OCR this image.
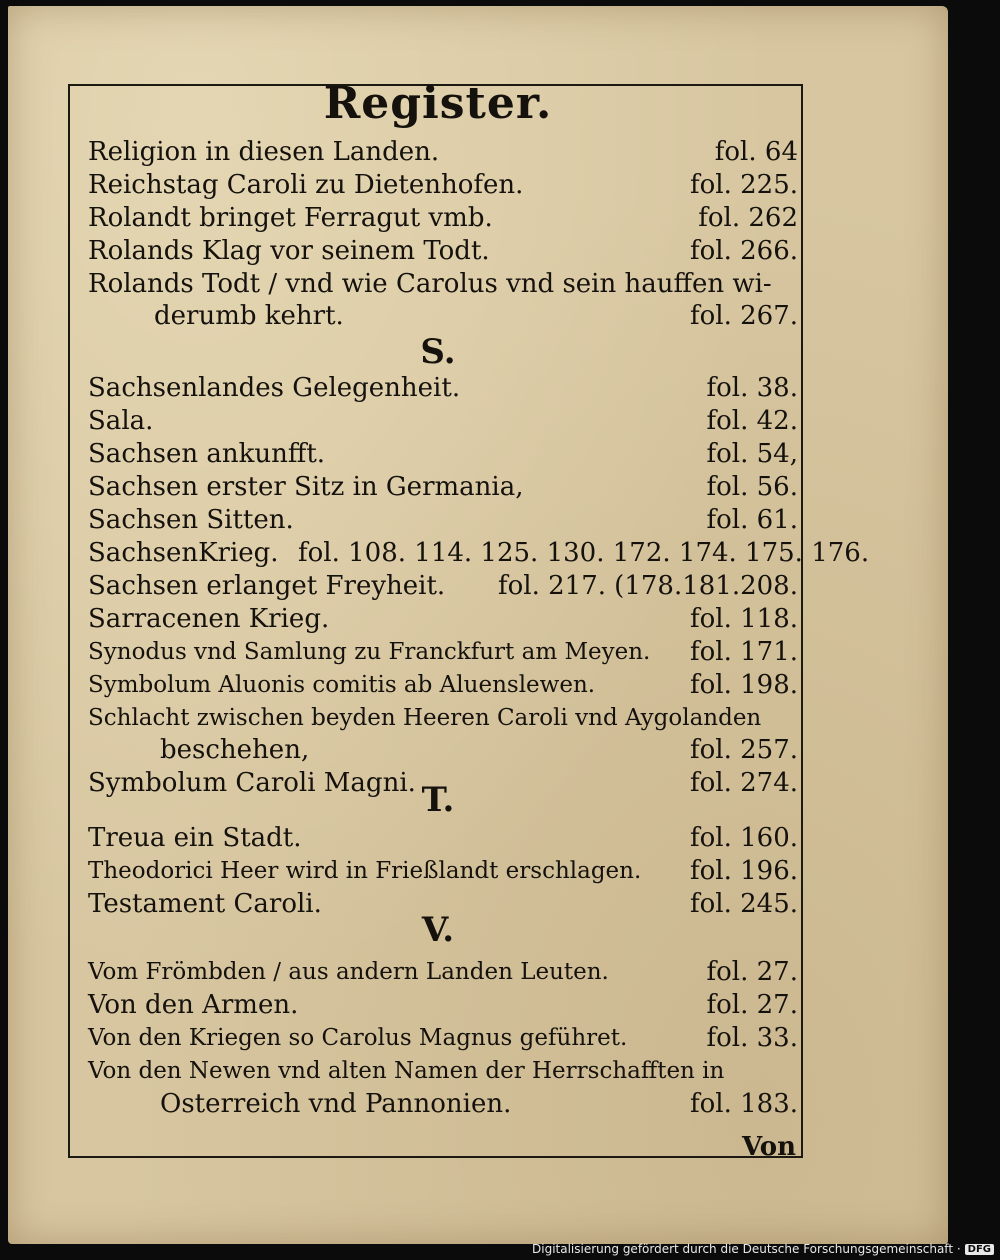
Register.
Religion in diesen Landen.	fol. 64
Reichstag Caroli zu Dietenhofen.	fol. 225.
Rolandt bringet Ferragut vmb.	fol. 262
Rolands Klag vor seinem Todt.	fol. 266.
Rolands Todt / vnd wie Carolus vnd sein hauffen wi-
derumb kehrt.	fol. 267.
S.
Sachsenlandes Gelegenheit.	fol. 38.
Sala.	fol. 42.
Sachsen ankunfft.	fol. 54,
Sachsen erster Sitz in Germania,	fol. 56.
Sachsen Sitten.	fol. 61.
SachsenKrieg. fol. 108. 114. 125. 130. 172. 174. 175. 176.
Sachsen erlanget Freyheit. fol. 217. (178.181.208.
Sarracenen Krieg.	fol. 118.
Synodus vnd Samlung zu Franckfurt am Meyen. fol. 171.
Symbolum Aluonis comitis ab Aluenslewen.	fol. 198.
Schlacht zwischen beyden Heeren Caroli vnd Aygolanden
beschehen,	fol. 257.
Symbolum Caroli Magni.	fol. 274.
T.
Treua ein Stadt.	fol. 160.
Theodorici Heer wird in Frießlandt erschlagen. fol. 196.
Testament Caroli.	fol. 245.
V.
Vom Frömbden / aus andern Landen Leuten.	fol. 27.
Von den Armen.	fol. 27.
Von den Kriegen so Carolus Magnus geführet.	fol. 33.
Von den Newen vnd alten Namen der Herrschafften in
Osterreich vnd Pannonien.	fol. 183.
Von
Digitalisierung gefördert durch die Deutsche Forschungsgemeinschaft · DFG
